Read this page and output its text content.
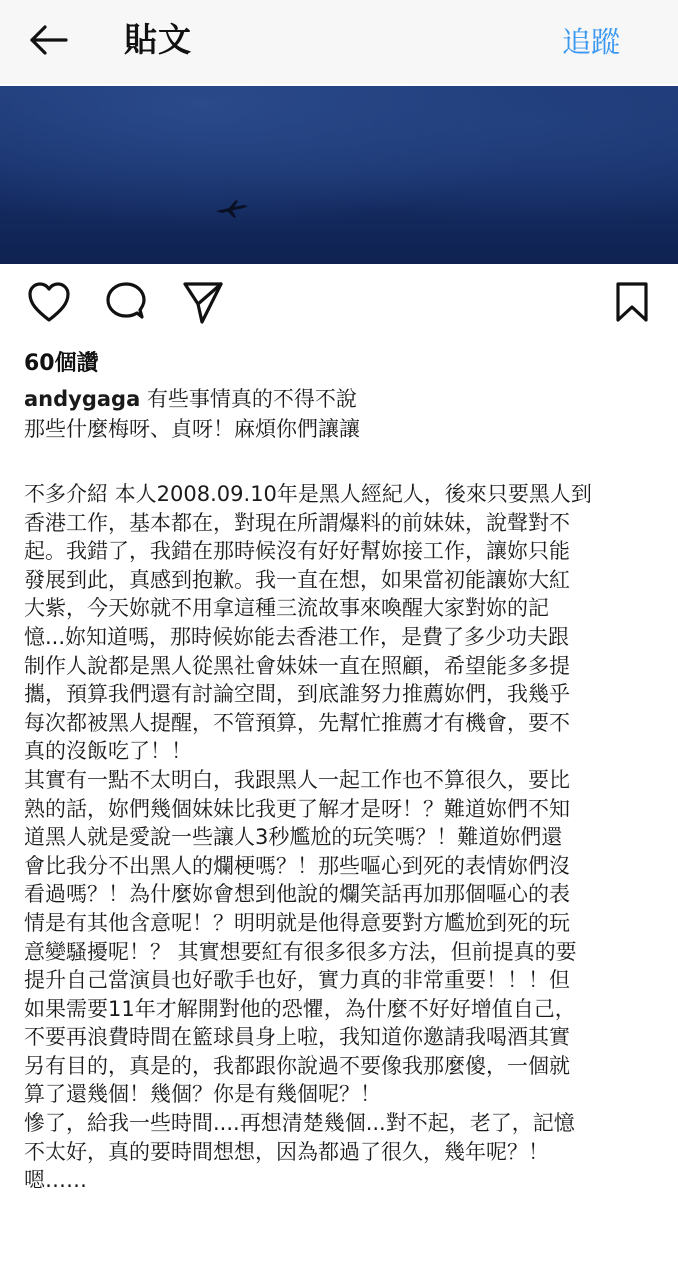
貼文	追蹤
60個讚
andygaga 有些事情真的不得不說
那些什麼梅呀、貞呀！麻煩你們讓讓
不多介紹 本人2008.09.10年是黑人經紀人，後來只要黑人到
香港工作，基本都在，對現在所謂爆料的前妹妹，說聲對不
起。我錯了，我錯在那時候沒有好好幫妳接工作，讓妳只能
發展到此，真感到抱歉。我一直在想，如果當初能讓妳大紅
大紫，今天妳就不用拿這種三流故事來喚醒大家對妳的記
憶...妳知道嗎，那時候妳能去香港工作，是費了多少功夫跟
制作人說都是黑人從黑社會妹妹一直在照顧，希望能多多提
攜，預算我們還有討論空間，到底誰努力推薦妳們，我幾乎
每次都被黑人提醒，不管預算，先幫忙推薦才有機會，要不
真的沒飯吃了！！
其實有一點不太明白，我跟黑人一起工作也不算很久，要比
熟的話，妳們幾個妹妹比我更了解才是呀！？難道妳們不知
道黑人就是愛說一些讓人3秒尷尬的玩笑嗎？！難道妳們還
會比我分不出黑人的爛梗嗎？！那些嘔心到死的表情妳們沒
看過嗎？！為什麼妳會想到他說的爛笑話再加那個嘔心的表
情是有其他含意呢！？明明就是他得意要對方尷尬到死的玩
意變騷擾呢！？ 其實想要紅有很多很多方法，但前提真的要
提升自己當演員也好歌手也好，實力真的非常重要！！！但
如果需要11年才解開對他的恐懼，為什麼不好好增值自己，
不要再浪費時間在籃球員身上啦，我知道你邀請我喝酒其實
另有目的，真是的，我都跟你說過不要像我那麼傻，一個就
算了還幾個！幾個？你是有幾個呢？！
慘了，給我一些時間....再想清楚幾個...對不起，老了，記憶
不太好，真的要時間想想，因為都過了很久，幾年呢？！
嗯……
